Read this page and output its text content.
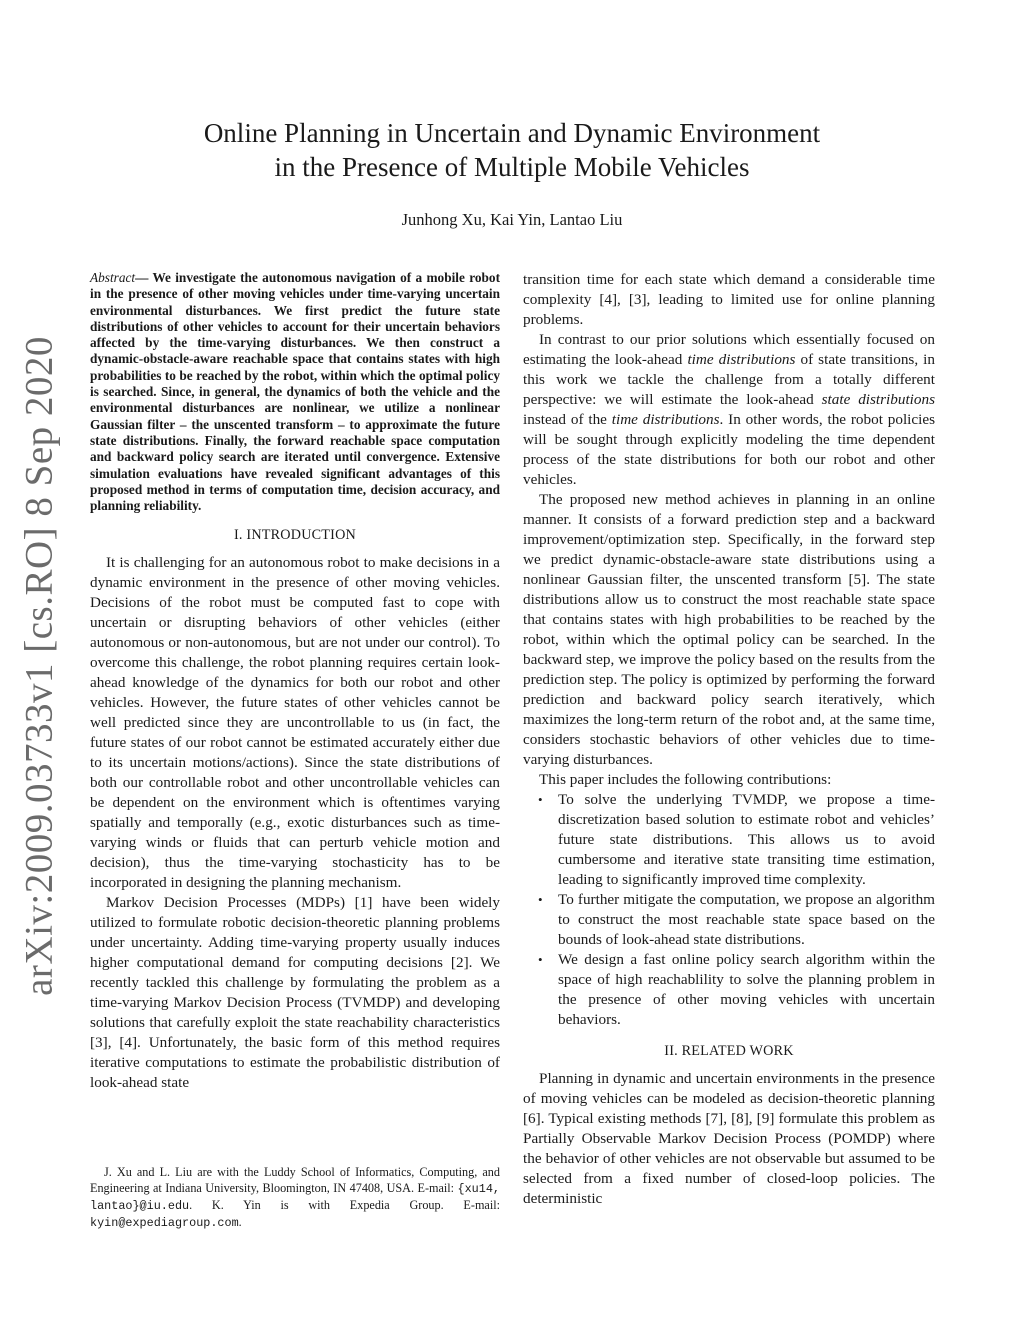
arXiv:2009.03733v1 [cs.RO] 8 Sep 2020
Online Planning in Uncertain and Dynamic Environment
in the Presence of Multiple Mobile Vehicles
Junhong Xu, Kai Yin, Lantao Liu

Abstract— We investigate the autonomous navigation of a mobile robot in the presence of other moving vehicles under time-varying uncertain environmental disturbances. We first predict the future state distributions of other vehicles to account for their uncertain behaviors affected by the time-varying disturbances. We then construct a dynamic-obstacle-aware reachable space that contains states with high probabilities to be reached by the robot, within which the optimal policy is searched. Since, in general, the dynamics of both the vehicle and the environmental disturbances are nonlinear, we utilize a nonlinear Gaussian filter – the unscented transform – to approximate the future state distributions. Finally, the forward reachable space computation and backward policy search are iterated until convergence. Extensive simulation evaluations have revealed significant advantages of this proposed method in terms of computation time, decision accuracy, and planning reliability.

I. INTRODUCTION

It is challenging for an autonomous robot to make decisions in a dynamic environment in the presence of other moving vehicles. Decisions of the robot must be computed fast to cope with uncertain or disrupting behaviors of other vehicles (either autonomous or non-autonomous, but are not under our control). To overcome this challenge, the robot planning requires certain look-ahead knowledge of the dynamics for both our robot and other vehicles. However, the future states of other vehicles cannot be well predicted since they are uncontrollable to us (in fact, the future states of our robot cannot be estimated accurately either due to its uncertain motions/actions). Since the state distributions of both our controllable robot and other uncontrollable vehicles can be dependent on the environment which is oftentimes varying spatially and temporally (e.g., exotic disturbances such as time-varying winds or fluids that can perturb vehicle motion and decision), thus the time-varying stochasticity has to be incorporated in designing the planning mechanism.

Markov Decision Processes (MDPs) [1] have been widely utilized to formulate robotic decision-theoretic planning problems under uncertainty. Adding time-varying property usually induces higher computational demand for computing decisions [2]. We recently tackled this challenge by formulating the problem as a time-varying Markov Decision Process (TVMDP) and developing solutions that carefully exploit the state reachability characteristics [3], [4]. Unfortunately, the basic form of this method requires iterative computations to estimate the probabilistic distribution of look-ahead state

J. Xu and L. Liu are with the Luddy School of Informatics, Computing, and Engineering at Indiana University, Bloomington, IN 47408, USA. E-mail: {xu14, lantao}@iu.edu. K. Yin is with Expedia Group. E-mail: kyin@expediagroup.com.

transition time for each state which demand a considerable time complexity [4], [3], leading to limited use for online planning problems.

In contrast to our prior solutions which essentially focused on estimating the look-ahead time distributions of state transitions, in this work we tackle the challenge from a totally different perspective: we will estimate the look-ahead state distributions instead of the time distributions. In other words, the robot policies will be sought through explicitly modeling the time dependent process of the state distributions for both our robot and other vehicles.

The proposed new method achieves in planning in an online manner. It consists of a forward prediction step and a backward improvement/optimization step. Specifically, in the forward step we predict dynamic-obstacle-aware state distributions using a nonlinear Gaussian filter, the unscented transform [5]. The state distributions allow us to construct the most reachable state space that contains states with high probabilities to be reached by the robot, within which the optimal policy can be searched. In the backward step, we improve the policy based on the results from the prediction step. The policy is optimized by performing the forward prediction and backward policy search iteratively, which maximizes the long-term return of the robot and, at the same time, considers stochastic behaviors of other vehicles due to time-varying disturbances.

This paper includes the following contributions:

• To solve the underlying TVMDP, we propose a time-discretization based solution to estimate robot and vehicles’ future state distributions. This allows us to avoid cumbersome and iterative state transiting time estimation, leading to significantly improved time complexity.
• To further mitigate the computation, we propose an algorithm to construct the most reachable state space based on the bounds of look-ahead state distributions.
• We design a fast online policy search algorithm within the space of high reachablility to solve the planning problem in the presence of other moving vehicles with uncertain behaviors.
II. RELATED WORK

Planning in dynamic and uncertain environments in the presence of moving vehicles can be modeled as decision-theoretic planning [6]. Typical existing methods [7], [8], [9] formulate this problem as Partially Observable Markov Decision Process (POMDP) where the behavior of other vehicles are not observable but assumed to be selected from a fixed number of closed-loop policies. The deterministic
